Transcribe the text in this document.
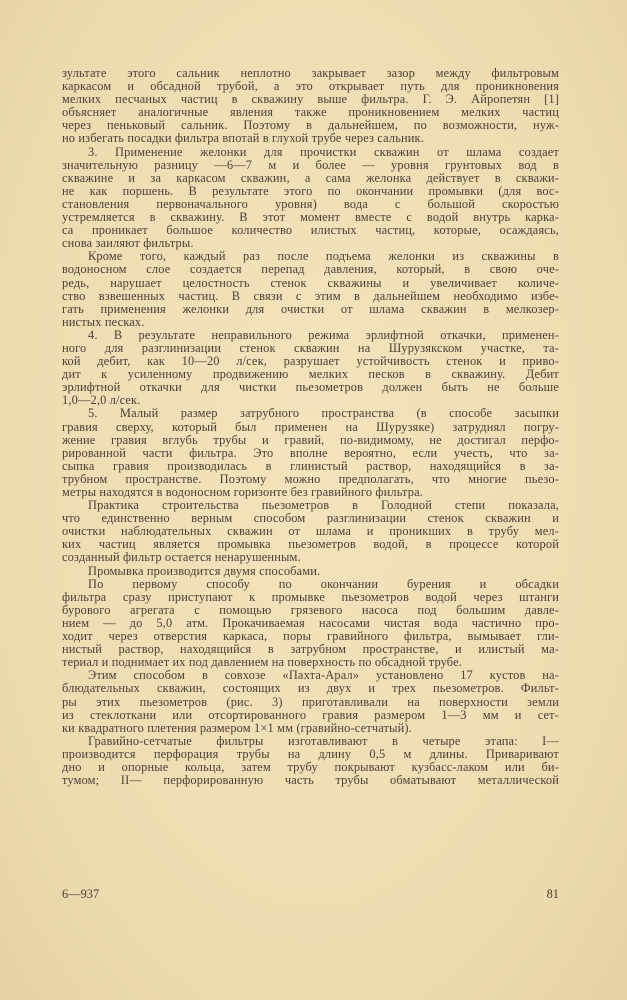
зультате этого сальник неплотно закрывает зазор между фильтровым
каркасом и обсадной трубой, а это открывает путь для проникновения
мелких песчаных частиц в скважину выше фильтра. Г. Э. Айропетян [1]
объясняет аналогичные явления также проникновением мелких частиц
через пеньковый сальник. Поэтому в дальнейшем, по возможности, нуж-
но избегать посадки фильтра впотай в глухой трубе через сальник.
3. Применение желонки для прочистки скважин от шлама создает
значительную разницу —6—7 м и более — уровня грунтовых вод в
скважине и за каркасом скважин, а сама желонка действует в скважи-
не как поршень. В результате этого по окончании промывки (для вос-
становления первоначального уровня) вода с большой скоростью
устремляется в скважину. В этот момент вместе с водой внутрь карка-
са проникает большое количество илистых частиц, которые, осаждаясь,
снова заиляют фильтры.
Кроме того, каждый раз после подъема желонки из скважины в
водоносном слое создается перепад давления, который, в свою оче-
редь, нарушает целостность стенок скважины и увеличивает количе-
ство взвешенных частиц. В связи с этим в дальнейшем необходимо избе-
гать применения желонки для очистки от шлама скважин в мелкозер-
нистых песках.
4. В результате неправильного режима эрлифтной откачки, применен-
ного для разглинизации стенок скважин на Шурузякском участке, та-
кой дебит, как 10—20 л/сек, разрушает устойчивость стенок и приво-
дит к усиленному продвижению мелких песков в скважину. Дебит
эрлифтной откачки для чистки пьезометров должен быть не больше
1,0—2,0 л/сек.
5. Малый размер затрубного пространства (в способе засыпки
гравия сверху, который был применен на Шурузяке) затруднял погру-
жение гравия вглубь трубы и гравий, по-видимому, не достигал перфо-
рированной части фильтра. Это вполне вероятно, если учесть, что за-
сыпка гравия производилась в глинистый раствор, находящийся в за-
трубном пространстве. Поэтому можно предполагать, что многие пьезо-
метры находятся в водоносном горизонте без гравийного фильтра.
Практика строительства пьезометров в Голодной степи показала,
что единственно верным способом разглинизации стенок скважин и
очистки наблюдательных скважин от шлама и проникших в трубу мел-
ких частиц является промывка пьезометров водой, в процессе которой
созданный фильтр остается ненарушенным.
Промывка производится двумя способами.
По первому способу по окончании бурения и обсадки
фильтра сразу приступают к промывке пьезометров водой через штанги
бурового агрегата с помощью грязевого насоса под большим давле-
нием — до 5,0 атм. Прокачиваемая насосами чистая вода частично про-
ходит через отверстия каркаса, поры гравийного фильтра, вымывает гли-
нистый раствор, находящийся в затрубном пространстве, и илистый ма-
териал и поднимает их под давлением на поверхность по обсадной трубе.
Этим способом в совхозе «Пахта-Арал» установлено 17 кустов на-
блюдательных скважин, состоящих из двух и трех пьезометров. Фильт-
ры этих пьезометров (рис. 3) приготавливали на поверхности земли
из стеклоткани или отсортированного гравия размером 1—3 мм и сет-
ки квадратного плетения размером 1×1 мм (гравийно-сетчатый).
Гравийно-сетчатые фильтры изготавливают в четыре этапа: I—
производится перфорация трубы на длину 0,5 м длины. Приваривают
дно и опорные кольца, затем трубу покрывают кузбасс-лаком или би-
тумом; II— перфорированную часть трубы обматывают металлической
6—937	81
